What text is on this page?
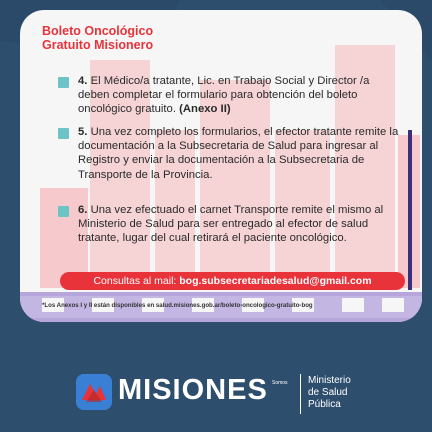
Boleto Oncológico
Gratuito Misionero

4. El Médico/a tratante, Lic. en Trabajo Social y Director /a deben completar el formulario para obtención del boleto oncológico gratuito. (Anexo II)

5. Una vez completo los formularios, el efector tratante remite la documentación a la Subsecretaria de Salud para ingresar al Registro y enviar la documentación a la Subsecretaria de Transporte de la Provincia.

6. Una vez efectuado el carnet Transporte remite el mismo al Ministerio de Salud para ser entregado al efector de salud tratante, lugar del cual retirará el paciente oncológico.

Consultas al mail: bog.subsecretariadesalud@gmail.com
*Los Anexos I y II están disponibles en salud.misiones.gob.ar/boleto-oncologico-gratuito-bog
MISIONES Somos Ministerio
de Salud
Pública
